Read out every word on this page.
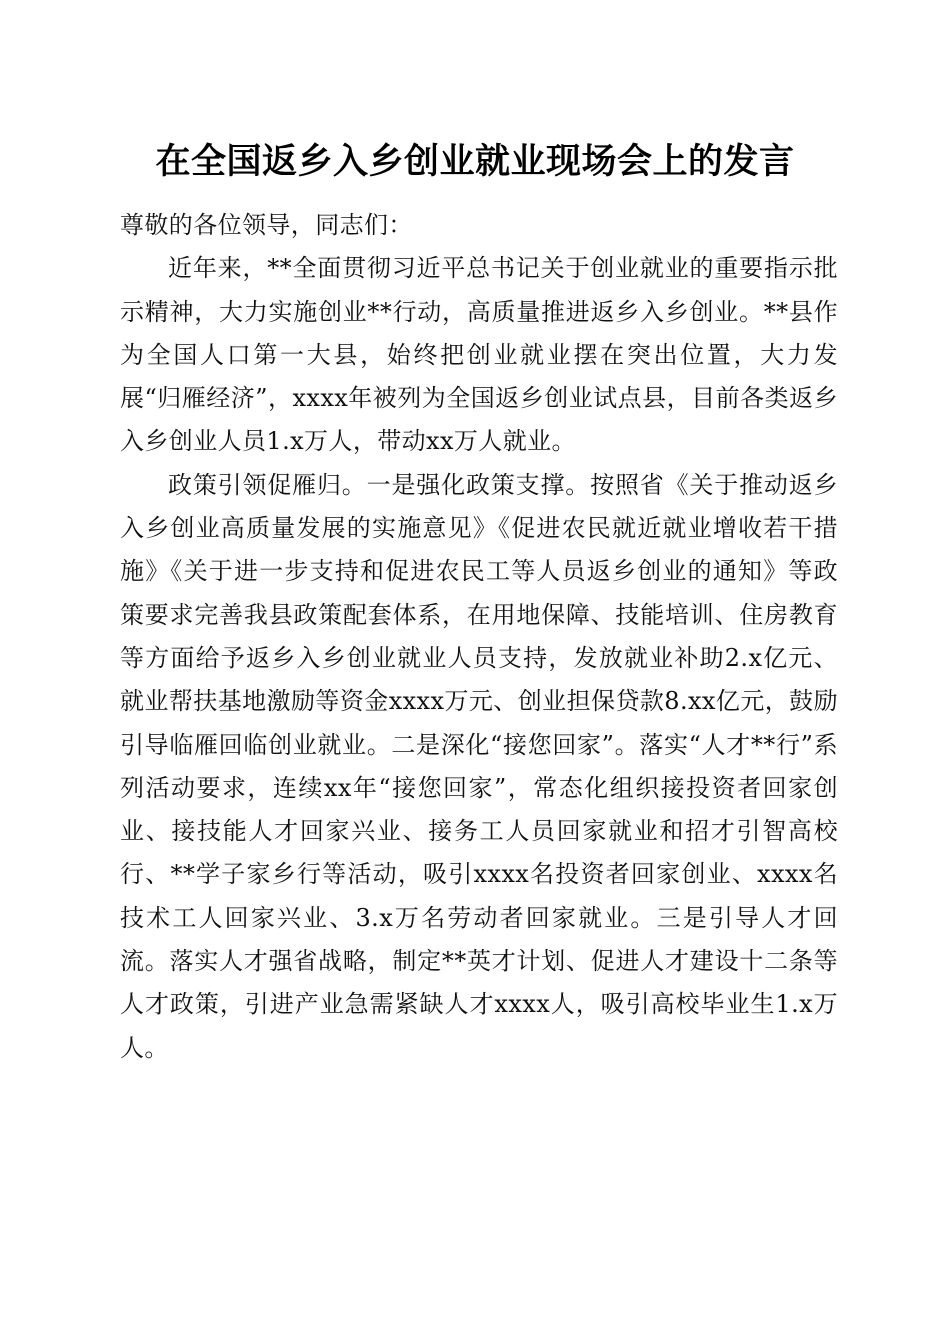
在全国返乡入乡创业就业现场会上的发言

尊敬的各位领导，同志们：

近年来，**全面贯彻习近平总书记关于创业就业的重要指示批示精神，大力实施创业**行动，高质量推进返乡入乡创业。**县作为全国人口第一大县，始终把创业就业摆在突出位置，大力发展“归雁经济”，xxxx年被列为全国返乡创业试点县，目前各类返乡入乡创业人员1.x万人，带动xx万人就业。

政策引领促雁归。一是强化政策支撑。按照省《关于推动返乡入乡创业高质量发展的实施意见》《促进农民就近就业增收若干措施》《关于进一步支持和促进农民工等人员返乡创业的通知》等政策要求完善我县政策配套体系，在用地保障、技能培训、住房教育等方面给予返乡入乡创业就业人员支持，发放就业补助2.x亿元、就业帮扶基地激励等资金xxxx万元、创业担保贷款8.xx亿元，鼓励引导临雁回临创业就业。二是深化“接您回家”。落实“人才**行”系列活动要求，连续xx年“接您回家”，常态化组织接投资者回家创业、接技能人才回家兴业、接务工人员回家就业和招才引智高校行、**学子家乡行等活动，吸引xxxx名投资者回家创业、xxxx名技术工人回家兴业、3.x万名劳动者回家就业。三是引导人才回流。落实人才强省战略，制定**英才计划、促进人才建设十二条等人才政策，引进产业急需紧缺人才xxxx人，吸引高校毕业生1.x万人。
